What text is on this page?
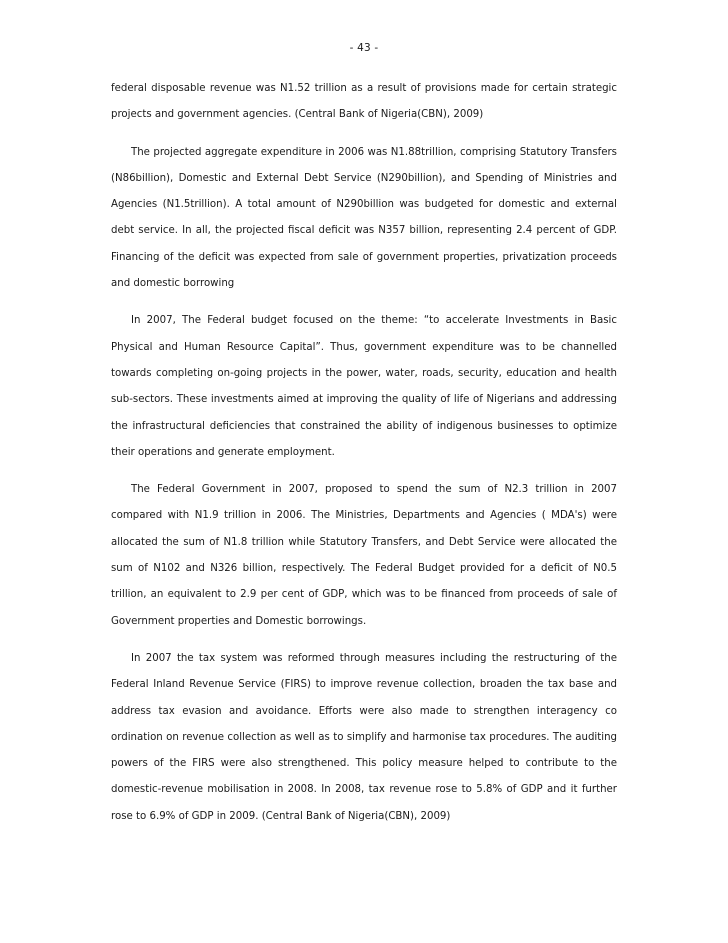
- 43 -

federal disposable revenue was N1.52 trillion as a result of provisions made for certain strategic projects and government agencies. (Central Bank of Nigeria(CBN), 2009)

The projected aggregate expenditure in 2006 was N1.88trillion, comprising Statutory Transfers (N86billion), Domestic and External Debt Service (N290billion), and Spending of Ministries and Agencies (N1.5trillion). A total amount of N290billion was budgeted for domestic and external debt service. In all, the projected fiscal deficit was N357 billion, representing 2.4 percent of GDP. Financing of the deficit was expected from sale of government properties, privatization proceeds and domestic borrowing

In 2007, The Federal budget focused on the theme: “to accelerate Investments in Basic Physical and Human Resource Capital”. Thus, government expenditure was to be channelled towards completing on-going projects in the power, water, roads, security, education and health sub-sectors. These investments aimed at improving the quality of life of Nigerians and addressing the infrastructural deficiencies that constrained the ability of indigenous businesses to optimize their operations and generate employment.

The Federal Government in 2007, proposed to spend the sum of N2.3 trillion in 2007 compared with N1.9 trillion in 2006. The Ministries, Departments and Agencies ( MDA's) were allocated the sum of N1.8 trillion while Statutory Transfers, and Debt Service were allocated the sum of N102 and N326 billion, respectively. The Federal Budget provided for a deficit of N0.5 trillion, an equivalent to 2.9 per cent of GDP, which was to be financed from proceeds of sale of Government properties and Domestic borrowings.

In 2007 the tax system was reformed through measures including the restructuring of the Federal Inland Revenue Service (FIRS) to improve revenue collection, broaden the tax base and address tax evasion and avoidance. Efforts were also made to strengthen interagency co ordination on revenue collection as well as to simplify and harmonise tax procedures. The auditing powers of the FIRS were also strengthened. This policy measure helped to contribute to the domestic-revenue mobilisation in 2008. In 2008, tax revenue rose to 5.8% of GDP and it further rose to 6.9% of GDP in 2009. (Central Bank of Nigeria(CBN), 2009)
